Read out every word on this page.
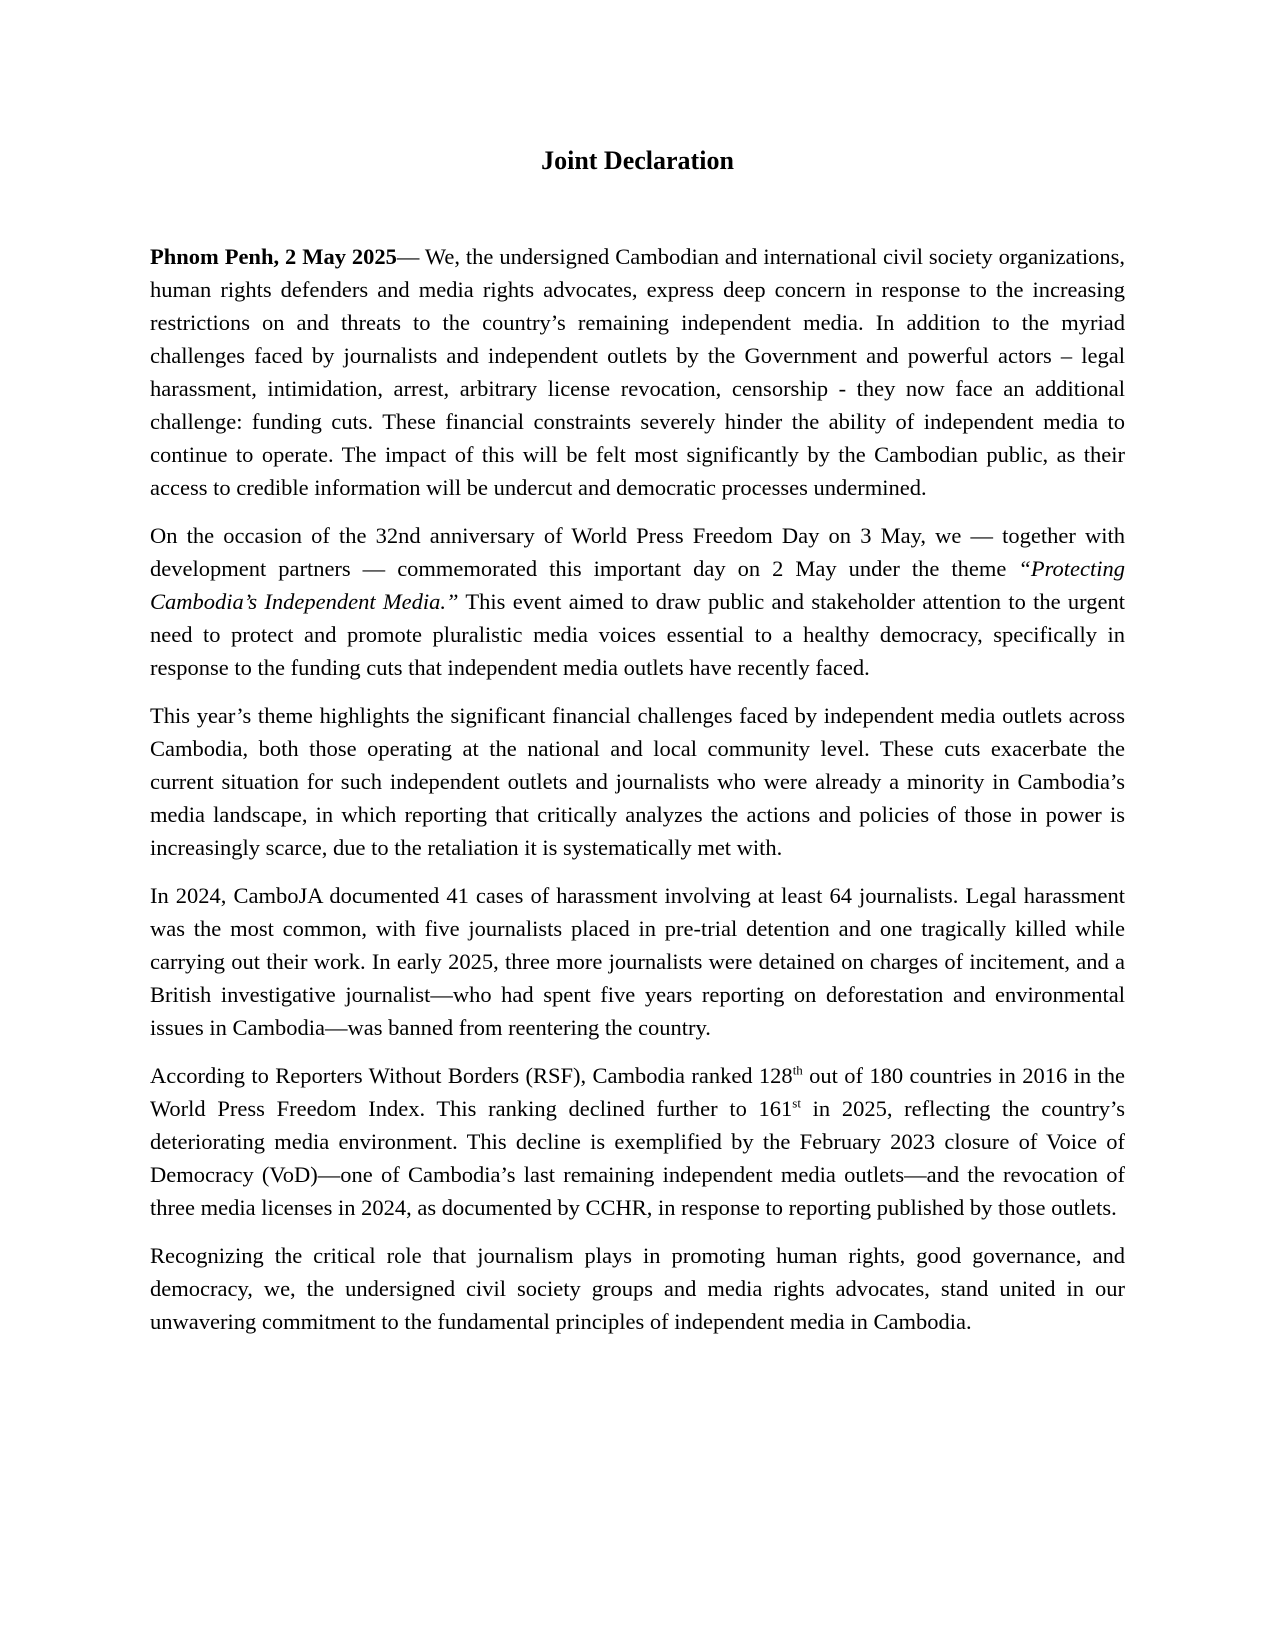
Joint Declaration

Phnom Penh, 2 May 2025— We, the undersigned Cambodian and international civil society organizations, human rights defenders and media rights advocates, express deep concern in response to the increasing restrictions on and threats to the country’s remaining independent media. In addition to the myriad challenges faced by journalists and independent outlets by the Government and powerful actors – legal harassment, intimidation, arrest, arbitrary license revocation, censorship - they now face an additional challenge: funding cuts. These financial constraints severely hinder the ability of independent media to continue to operate. The impact of this will be felt most significantly by the Cambodian public, as their access to credible information will be undercut and democratic processes undermined.

On the occasion of the 32nd anniversary of World Press Freedom Day on 3 May, we — together with development partners — commemorated this important day on 2 May under the theme “Protecting Cambodia’s Independent Media.” This event aimed to draw public and stakeholder attention to the urgent need to protect and promote pluralistic media voices essential to a healthy democracy, specifically in response to the funding cuts that independent media outlets have recently faced.

This year’s theme highlights the significant financial challenges faced by independent media outlets across Cambodia, both those operating at the national and local community level. These cuts exacerbate the current situation for such independent outlets and journalists who were already a minority in Cambodia’s media landscape, in which reporting that critically analyzes the actions and policies of those in power is increasingly scarce, due to the retaliation it is systematically met with.

In 2024, CamboJA documented 41 cases of harassment involving at least 64 journalists. Legal harassment was the most common, with five journalists placed in pre-trial detention and one tragically killed while carrying out their work. In early 2025, three more journalists were detained on charges of incitement, and a British investigative journalist—who had spent five years reporting on deforestation and environmental issues in Cambodia—was banned from reentering the country.

According to Reporters Without Borders (RSF), Cambodia ranked 128th out of 180 countries in 2016 in the World Press Freedom Index. This ranking declined further to 161st in 2025, reflecting the country’s deteriorating media environment. This decline is exemplified by the February 2023 closure of Voice of Democracy (VoD)—one of Cambodia’s last remaining independent media outlets—and the revocation of three media licenses in 2024, as documented by CCHR, in response to reporting published by those outlets.

Recognizing the critical role that journalism plays in promoting human rights, good governance, and democracy, we, the undersigned civil society groups and media rights advocates, stand united in our unwavering commitment to the fundamental principles of independent media in Cambodia.
